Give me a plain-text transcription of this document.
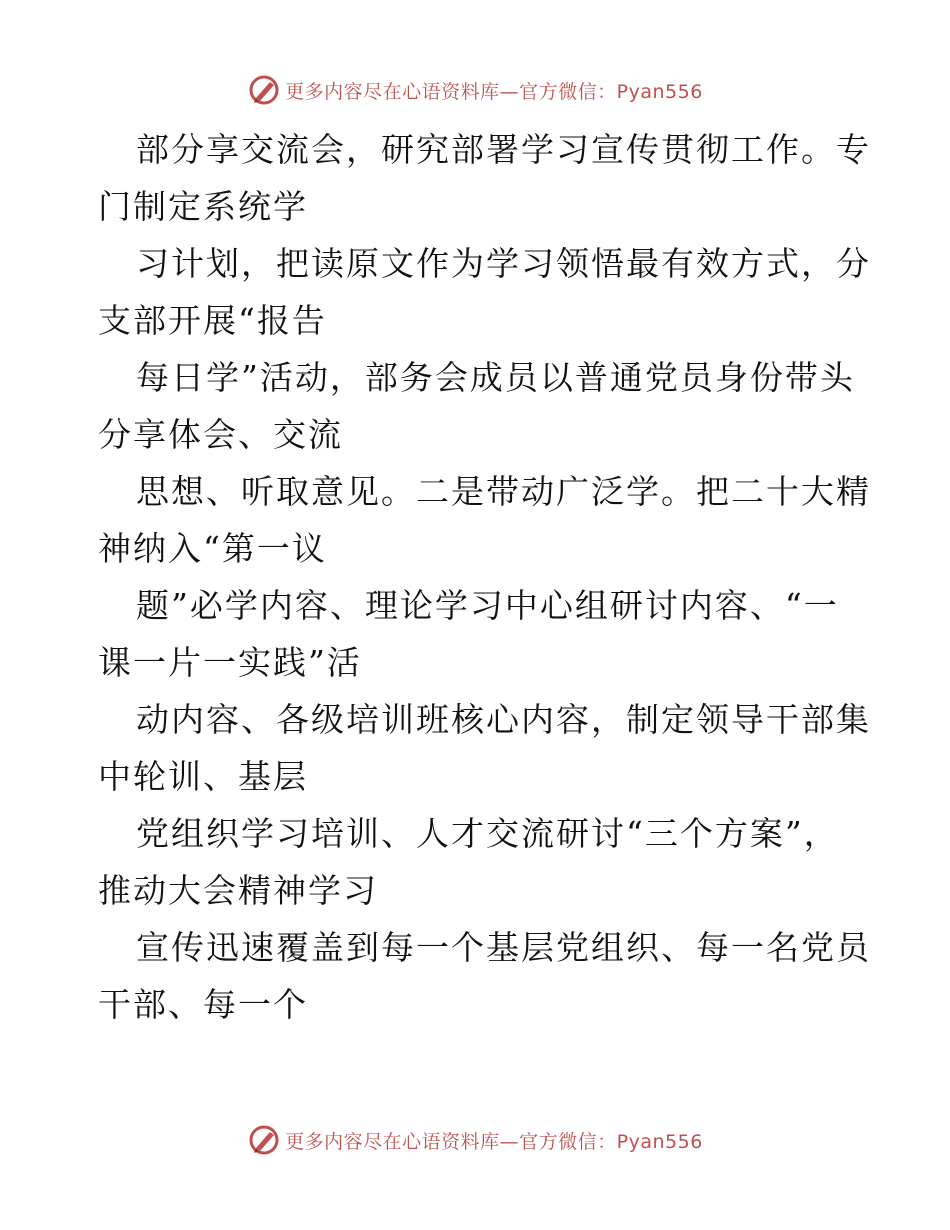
更多内容尽在心语资料库—官方微信：Pyan556

部分享交流会，研究部署学习宣传贯彻工作。专
门制定系统学

习计划，把读原文作为学习领悟最有效方式，分
支部开展“报告

每日学”活动，部务会成员以普通党员身份带头
分享体会、交流

思想、听取意见。二是带动广泛学。把二十大精
神纳入“第一议

题”必学内容、理论学习中心组研讨内容、“一
课一片一实践”活

动内容、各级培训班核心内容，制定领导干部集
中轮训、基层

党组织学习培训、人才交流研讨“三个方案”，
推动大会精神学习

宣传迅速覆盖到每一个基层党组织、每一名党员
干部、每一个

更多内容尽在心语资料库—官方微信：Pyan556
